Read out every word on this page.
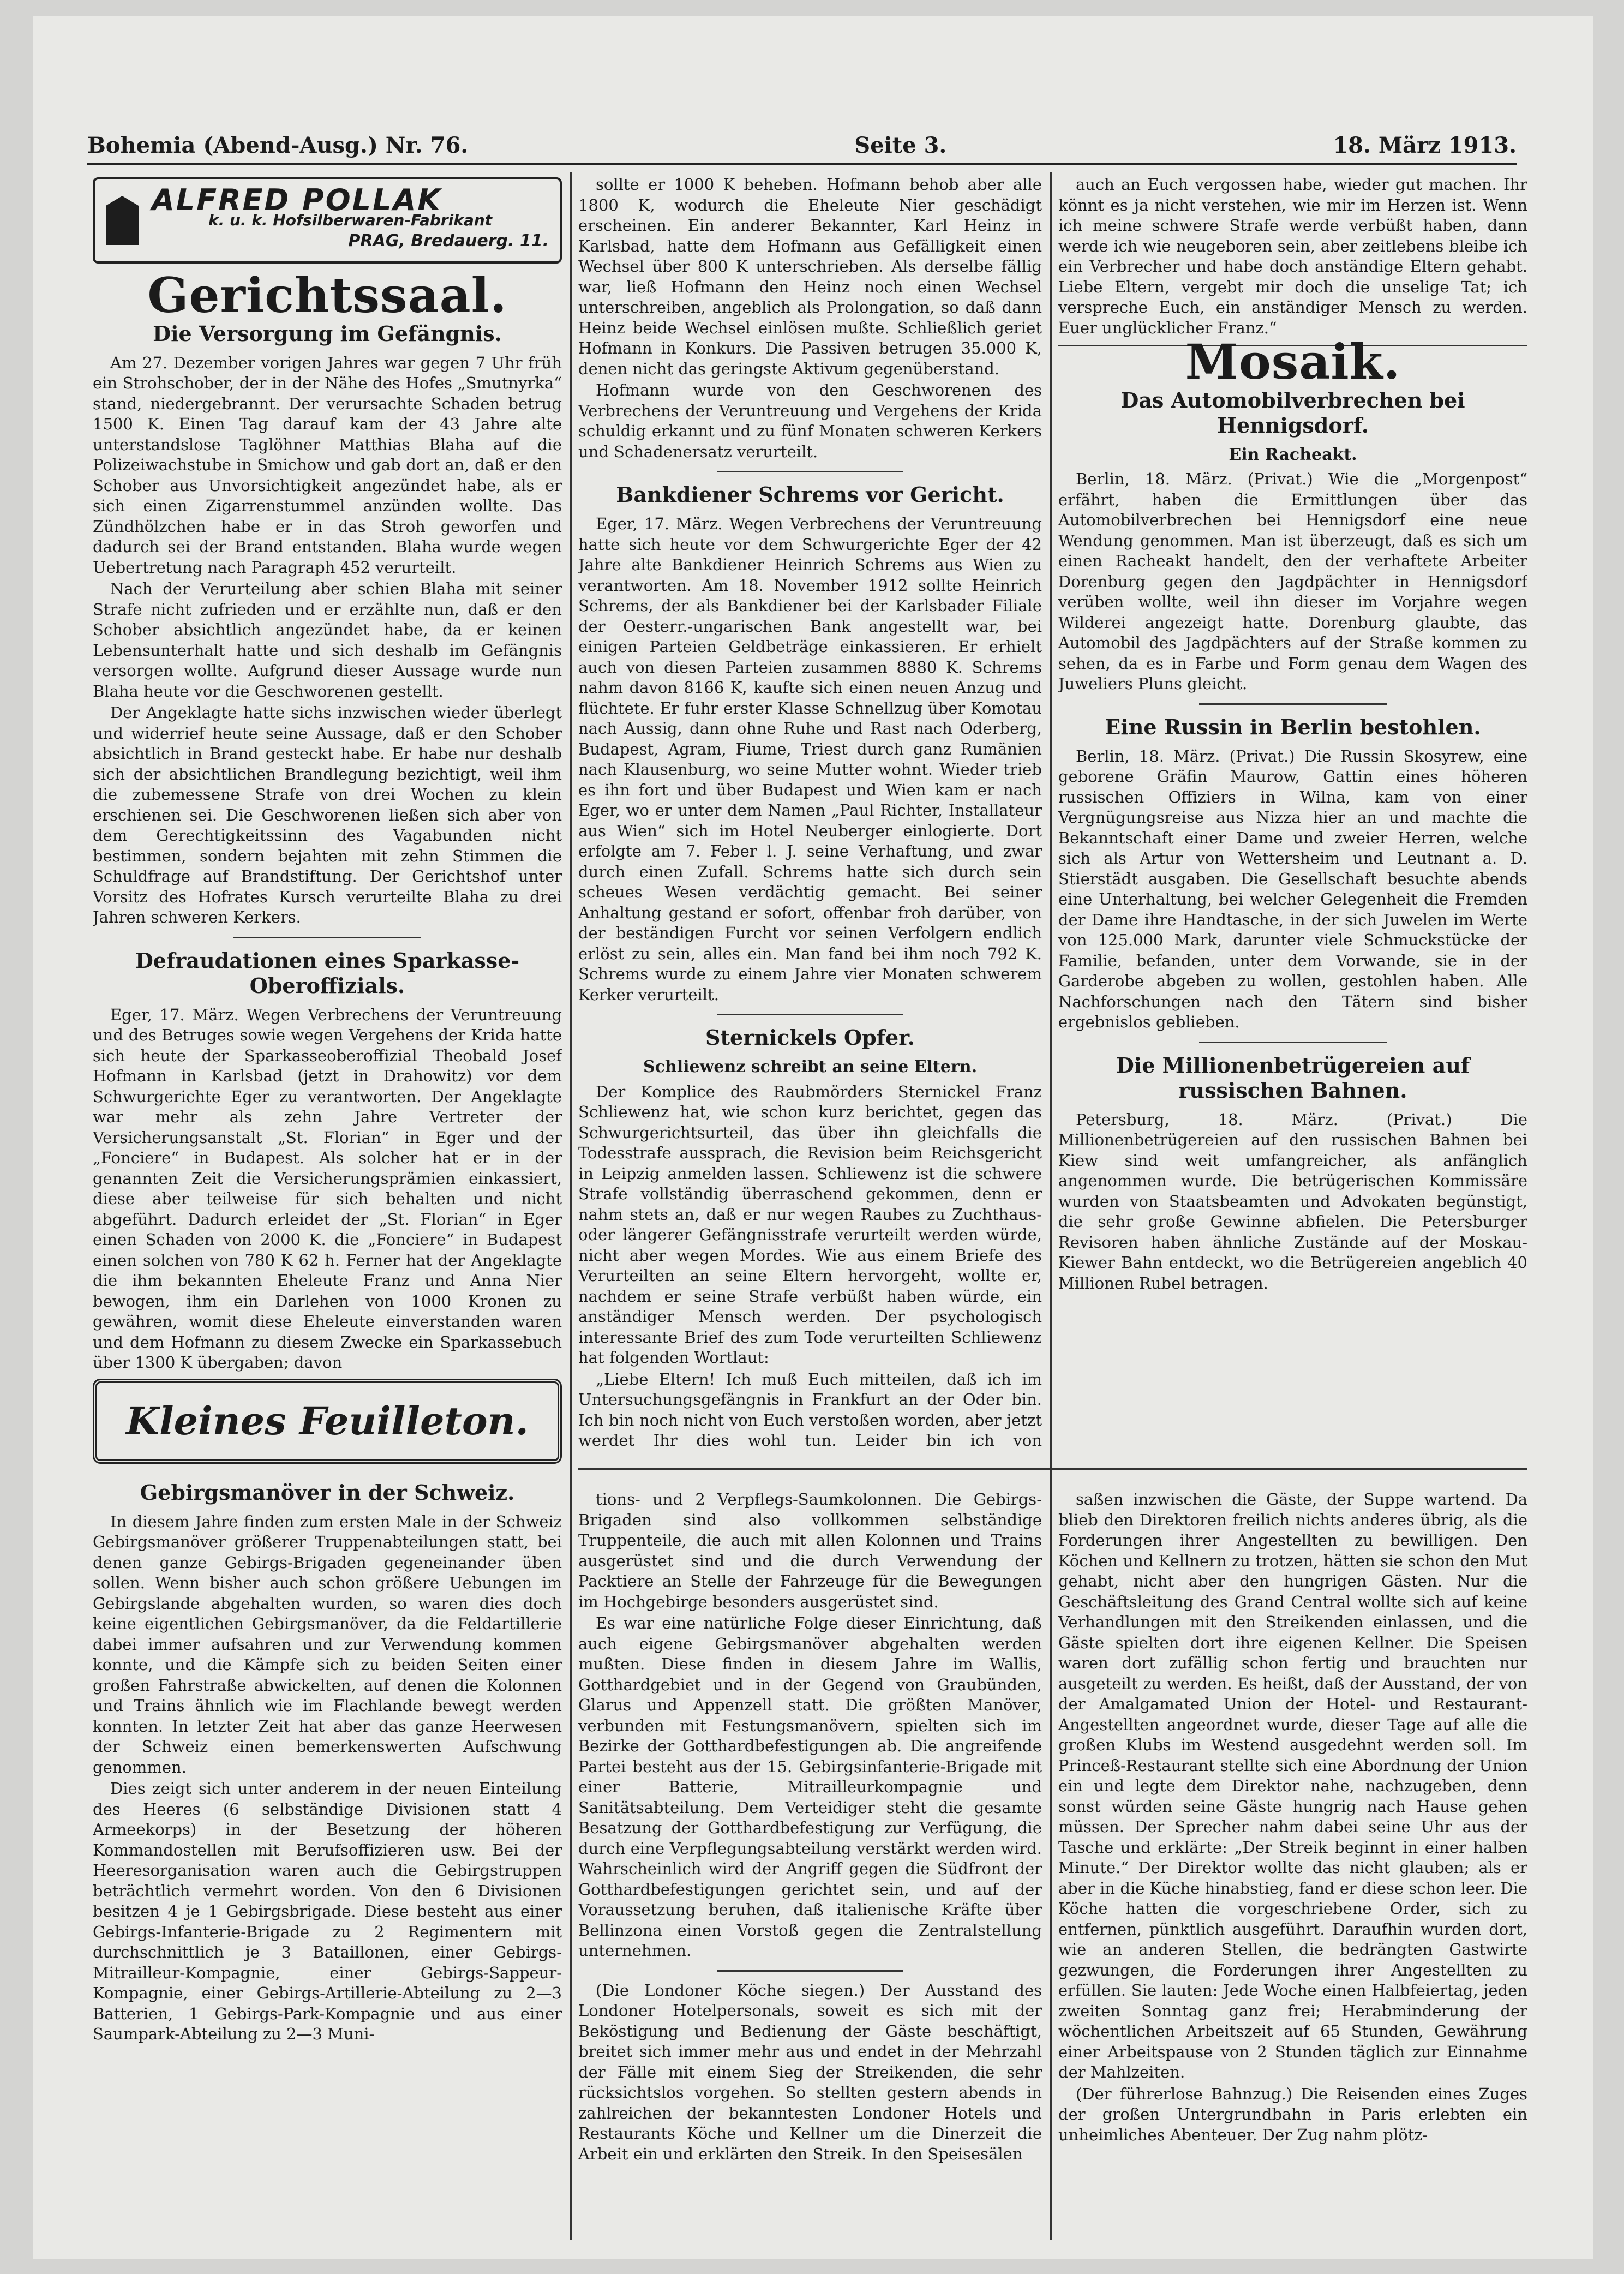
Bohemia (Abend-Ausg.) Nr. 76.	Seite 3.	18. März 1913.
ALFRED POLLAK
k. u. k. Hofsilberwaren-Fabrikant
PRAG, Bredauerg. 11.
Gerichtssaal.
Die Versorgung im Gefängnis.

Am 27. Dezember vorigen Jahres war gegen 7 Uhr früh ein Strohschober, der in der Nähe des Hofes „Smutnyrka“ stand, niedergebrannt. Der verursachte Schaden betrug 1500 K. Einen Tag darauf kam der 43 Jahre alte unterstandslose Taglöhner Matthias Blaha auf die Polizeiwachstube in Smichow und gab dort an, daß er den Schober aus Unvorsichtigkeit angezündet habe, als er sich einen Zigarrenstummel anzünden wollte. Das Zündhölzchen habe er in das Stroh geworfen und dadurch sei der Brand entstanden. Blaha wurde wegen Uebertretung nach Paragraph 452 verurteilt.

Nach der Verurteilung aber schien Blaha mit seiner Strafe nicht zufrieden und er erzählte nun, daß er den Schober absichtlich angezündet habe, da er keinen Lebensunterhalt hatte und sich deshalb im Gefängnis versorgen wollte. Aufgrund dieser Aussage wurde nun Blaha heute vor die Geschworenen gestellt.

Der Angeklagte hatte sichs inzwischen wieder überlegt und widerrief heute seine Aussage, daß er den Schober absichtlich in Brand gesteckt habe. Er habe nur deshalb sich der absichtlichen Brandlegung bezichtigt, weil ihm die zubemessene Strafe von drei Wochen zu klein erschienen sei. Die Geschworenen ließen sich aber von dem Gerechtigkeitssinn des Vagabunden nicht bestimmen, sondern bejahten mit zehn Stimmen die Schuldfrage auf Brandstiftung. Der Gerichtshof unter Vorsitz des Hofrates Kursch verurteilte Blaha zu drei Jahren schweren Kerkers.

Defraudationen eines Sparkasse-Oberoffizials.

Eger, 17. März. Wegen Verbrechens der Veruntreuung und des Betruges sowie wegen Vergehens der Krida hatte sich heute der Sparkasseoberoffizial Theobald Josef Hofmann in Karlsbad (jetzt in Drahowitz) vor dem Schwurgerichte Eger zu verantworten. Der Angeklagte war mehr als zehn Jahre Vertreter der Versicherungsanstalt „St. Florian“ in Eger und der „Fonciere“ in Budapest. Als solcher hat er in der genannten Zeit die Versicherungsprämien einkassiert, diese aber teilweise für sich behalten und nicht abgeführt. Dadurch erleidet der „St. Florian“ in Eger einen Schaden von 2000 K. die „Fonciere“ in Budapest einen solchen von 780 K 62 h. Ferner hat der Angeklagte die ihm bekannten Eheleute Franz und Anna Nier bewogen, ihm ein Darlehen von 1000 Kronen zu gewähren, womit diese Eheleute einverstanden waren und dem Hofmann zu diesem Zwecke ein Sparkassebuch über 1300 K übergaben; davon

Kleines Feuilleton.
Gebirgsmanöver in der Schweiz.

In diesem Jahre finden zum ersten Male in der Schweiz Gebirgsmanöver größerer Truppenabteilungen statt, bei denen ganze Gebirgs-Brigaden gegeneinander üben sollen. Wenn bisher auch schon größere Uebungen im Gebirgslande abgehalten wurden, so waren dies doch keine eigentlichen Gebirgsmanöver, da die Feldartillerie dabei immer aufsahren und zur Verwendung kommen konnte, und die Kämpfe sich zu beiden Seiten einer großen Fahrstraße abwickelten, auf denen die Kolonnen und Trains ähnlich wie im Flachlande bewegt werden konnten. In letzter Zeit hat aber das ganze Heerwesen der Schweiz einen bemerkenswerten Aufschwung genommen.

Dies zeigt sich unter anderem in der neuen Einteilung des Heeres (6 selbständige Divisionen statt 4 Armeekorps) in der Besetzung der höheren Kommandostellen mit Berufsoffizieren usw. Bei der Heeresorganisation waren auch die Gebirgstruppen beträchtlich vermehrt worden. Von den 6 Divisionen besitzen 4 je 1 Gebirgsbrigade. Diese besteht aus einer Gebirgs-Infanterie-Brigade zu 2 Regimentern mit durchschnittlich je 3 Bataillonen, einer Gebirgs-Mitrailleur-Kompagnie, einer Gebirgs-Sappeur-Kompagnie, einer Gebirgs-Artillerie-Abteilung zu 2—3 Batterien, 1 Gebirgs-Park-Kompagnie und aus einer Saumpark-Abteilung zu 2—3 Muni-

sollte er 1000 K beheben. Hofmann behob aber alle 1800 K, wodurch die Eheleute Nier geschädigt erscheinen. Ein anderer Bekannter, Karl Heinz in Karlsbad, hatte dem Hofmann aus Gefälligkeit einen Wechsel über 800 K unterschrieben. Als derselbe fällig war, ließ Hofmann den Heinz noch einen Wechsel unterschreiben, angeblich als Prolongation, so daß dann Heinz beide Wechsel einlösen mußte. Schließlich geriet Hofmann in Konkurs. Die Passiven betrugen 35.000 K, denen nicht das geringste Aktivum gegenüberstand.

Hofmann wurde von den Geschworenen des Verbrechens der Veruntreuung und Vergehens der Krida schuldig erkannt und zu fünf Monaten schweren Kerkers und Schadenersatz verurteilt.

Bankdiener Schrems vor Gericht.

Eger, 17. März. Wegen Verbrechens der Veruntreuung hatte sich heute vor dem Schwurgerichte Eger der 42 Jahre alte Bankdiener Heinrich Schrems aus Wien zu verantworten. Am 18. November 1912 sollte Heinrich Schrems, der als Bankdiener bei der Karlsbader Filiale der Oesterr.-ungarischen Bank angestellt war, bei einigen Parteien Geldbeträge einkassieren. Er erhielt auch von diesen Parteien zusammen 8880 K. Schrems nahm davon 8166 K, kaufte sich einen neuen Anzug und flüchtete. Er fuhr erster Klasse Schnellzug über Komotau nach Aussig, dann ohne Ruhe und Rast nach Oderberg, Budapest, Agram, Fiume, Triest durch ganz Rumänien nach Klausenburg, wo seine Mutter wohnt. Wieder trieb es ihn fort und über Budapest und Wien kam er nach Eger, wo er unter dem Namen „Paul Richter, Installateur aus Wien“ sich im Hotel Neuberger einlogierte. Dort erfolgte am 7. Feber l. J. seine Verhaftung, und zwar durch einen Zufall. Schrems hatte sich durch sein scheues Wesen verdächtig gemacht. Bei seiner Anhaltung gestand er sofort, offenbar froh darüber, von der beständigen Furcht vor seinen Verfolgern endlich erlöst zu sein, alles ein. Man fand bei ihm noch 792 K. Schrems wurde zu einem Jahre vier Monaten schwerem Kerker verurteilt.

Sternickels Opfer.
Schliewenz schreibt an seine Eltern.

Der Komplice des Raubmörders Sternickel Franz Schliewenz hat, wie schon kurz berichtet, gegen das Schwurgerichtsurteil, das über ihn gleichfalls die Todesstrafe aussprach, die Revision beim Reichsgericht in Leipzig anmelden lassen. Schliewenz ist die schwere Strafe vollständig überraschend gekommen, denn er nahm stets an, daß er nur wegen Raubes zu Zuchthaus- oder längerer Gefängnisstrafe verurteilt werden würde, nicht aber wegen Mordes. Wie aus einem Briefe des Verurteilten an seine Eltern hervorgeht, wollte er, nachdem er seine Strafe verbüßt haben würde, ein anständiger Mensch werden. Der psychologisch interessante Brief des zum Tode verurteilten Schliewenz hat folgenden Wortlaut:

„Liebe Eltern! Ich muß Euch mitteilen, daß ich im Untersuchungsgefängnis in Frankfurt an der Oder bin. Ich bin noch nicht von Euch verstoßen worden, aber jetzt werdet Ihr dies wohl tun. Leider bin ich von

auch an Euch vergossen habe, wieder gut machen. Ihr könnt es ja nicht verstehen, wie mir im Herzen ist. Wenn ich meine schwere Strafe werde verbüßt haben, dann werde ich wie neugeboren sein, aber zeitlebens bleibe ich ein Verbrecher und habe doch anständige Eltern gehabt. Liebe Eltern, vergebt mir doch die unselige Tat; ich verspreche Euch, ein anständiger Mensch zu werden. Euer unglücklicher Franz.“

Mosaik.
Das Automobilverbrechen bei Hennigsdorf.
Ein Racheakt.

Berlin, 18. März. (Privat.) Wie die „Morgenpost“ erfährt, haben die Ermittlungen über das Automobilverbrechen bei Hennigsdorf eine neue Wendung genommen. Man ist überzeugt, daß es sich um einen Racheakt handelt, den der verhaftete Arbeiter Dorenburg gegen den Jagdpächter in Hennigsdorf verüben wollte, weil ihn dieser im Vorjahre wegen Wilderei angezeigt hatte. Dorenburg glaubte, das Automobil des Jagdpächters auf der Straße kommen zu sehen, da es in Farbe und Form genau dem Wagen des Juweliers Pluns gleicht.

Eine Russin in Berlin bestohlen.

Berlin, 18. März. (Privat.) Die Russin Skosyrew, eine geborene Gräfin Maurow, Gattin eines höheren russischen Offiziers in Wilna, kam von einer Vergnügungsreise aus Nizza hier an und machte die Bekanntschaft einer Dame und zweier Herren, welche sich als Artur von Wettersheim und Leutnant a. D. Stierstädt ausgaben. Die Gesellschaft besuchte abends eine Unterhaltung, bei welcher Gelegenheit die Fremden der Dame ihre Handtasche, in der sich Juwelen im Werte von 125.000 Mark, darunter viele Schmuckstücke der Familie, befanden, unter dem Vorwande, sie in der Garderobe abgeben zu wollen, gestohlen haben. Alle Nachforschungen nach den Tätern sind bisher ergebnislos geblieben.

Die Millionenbetrügereien auf russischen Bahnen.

Petersburg, 18. März. (Privat.) Die Millionenbetrügereien auf den russischen Bahnen bei Kiew sind weit umfangreicher, als anfänglich angenommen wurde. Die betrügerischen Kommissäre wurden von Staatsbeamten und Advokaten begünstigt, die sehr große Gewinne abfielen. Die Petersburger Revisoren haben ähnliche Zustände auf der Moskau-Kiewer Bahn entdeckt, wo die Betrügereien angeblich 40 Millionen Rubel betragen.

tions- und 2 Verpflegs-Saumkolonnen. Die Gebirgs-Brigaden sind also vollkommen selbständige Truppenteile, die auch mit allen Kolonnen und Trains ausgerüstet sind und die durch Verwendung der Packtiere an Stelle der Fahrzeuge für die Bewegungen im Hochgebirge besonders ausgerüstet sind.

Es war eine natürliche Folge dieser Einrichtung, daß auch eigene Gebirgsmanöver abgehalten werden mußten. Diese finden in diesem Jahre im Wallis, Gotthardgebiet und in der Gegend von Graubünden, Glarus und Appenzell statt. Die größten Manöver, verbunden mit Festungsmanövern, spielten sich im Bezirke der Gotthardbefestigungen ab. Die angreifende Partei besteht aus der 15. Gebirgsinfanterie-Brigade mit einer Batterie, Mitrailleurkompagnie und Sanitätsabteilung. Dem Verteidiger steht die gesamte Besatzung der Gotthardbefestigung zur Verfügung, die durch eine Verpflegungsabteilung verstärkt werden wird. Wahrscheinlich wird der Angriff gegen die Südfront der Gotthardbefestigungen gerichtet sein, und auf der Voraussetzung beruhen, daß italienische Kräfte über Bellinzona einen Vorstoß gegen die Zentralstellung unternehmen.

(Die Londoner Köche siegen.) Der Ausstand des Londoner Hotelpersonals, soweit es sich mit der Beköstigung und Bedienung der Gäste beschäftigt, breitet sich immer mehr aus und endet in der Mehrzahl der Fälle mit einem Sieg der Streikenden, die sehr rücksichtslos vorgehen. So stellten gestern abends in zahlreichen der bekanntesten Londoner Hotels und Restaurants Köche und Kellner um die Dinerzeit die Arbeit ein und erklärten den Streik. In den Speisesälen

saßen inzwischen die Gäste, der Suppe wartend. Da blieb den Direktoren freilich nichts anderes übrig, als die Forderungen ihrer Angestellten zu bewilligen. Den Köchen und Kellnern zu trotzen, hätten sie schon den Mut gehabt, nicht aber den hungrigen Gästen. Nur die Geschäftsleitung des Grand Central wollte sich auf keine Verhandlungen mit den Streikenden einlassen, und die Gäste spielten dort ihre eigenen Kellner. Die Speisen waren dort zufällig schon fertig und brauchten nur ausgeteilt zu werden. Es heißt, daß der Ausstand, der von der Amalgamated Union der Hotel- und Restaurant-Angestellten angeordnet wurde, dieser Tage auf alle die großen Klubs im Westend ausgedehnt werden soll. Im Princeß-Restaurant stellte sich eine Abordnung der Union ein und legte dem Direktor nahe, nachzugeben, denn sonst würden seine Gäste hungrig nach Hause gehen müssen. Der Sprecher nahm dabei seine Uhr aus der Tasche und erklärte: „Der Streik beginnt in einer halben Minute.“ Der Direktor wollte das nicht glauben; als er aber in die Küche hinabstieg, fand er diese schon leer. Die Köche hatten die vorgeschriebene Order, sich zu entfernen, pünktlich ausgeführt. Daraufhin wurden dort, wie an anderen Stellen, die bedrängten Gastwirte gezwungen, die Forderungen ihrer Angestellten zu erfüllen. Sie lauten: Jede Woche einen Halbfeiertag, jeden zweiten Sonntag ganz frei; Herabminderung der wöchentlichen Arbeitszeit auf 65 Stunden, Gewährung einer Arbeitspause von 2 Stunden täglich zur Einnahme der Mahlzeiten.

(Der führerlose Bahnzug.) Die Reisenden eines Zuges der großen Untergrundbahn in Paris erlebten ein unheimliches Abenteuer. Der Zug nahm plötz-
